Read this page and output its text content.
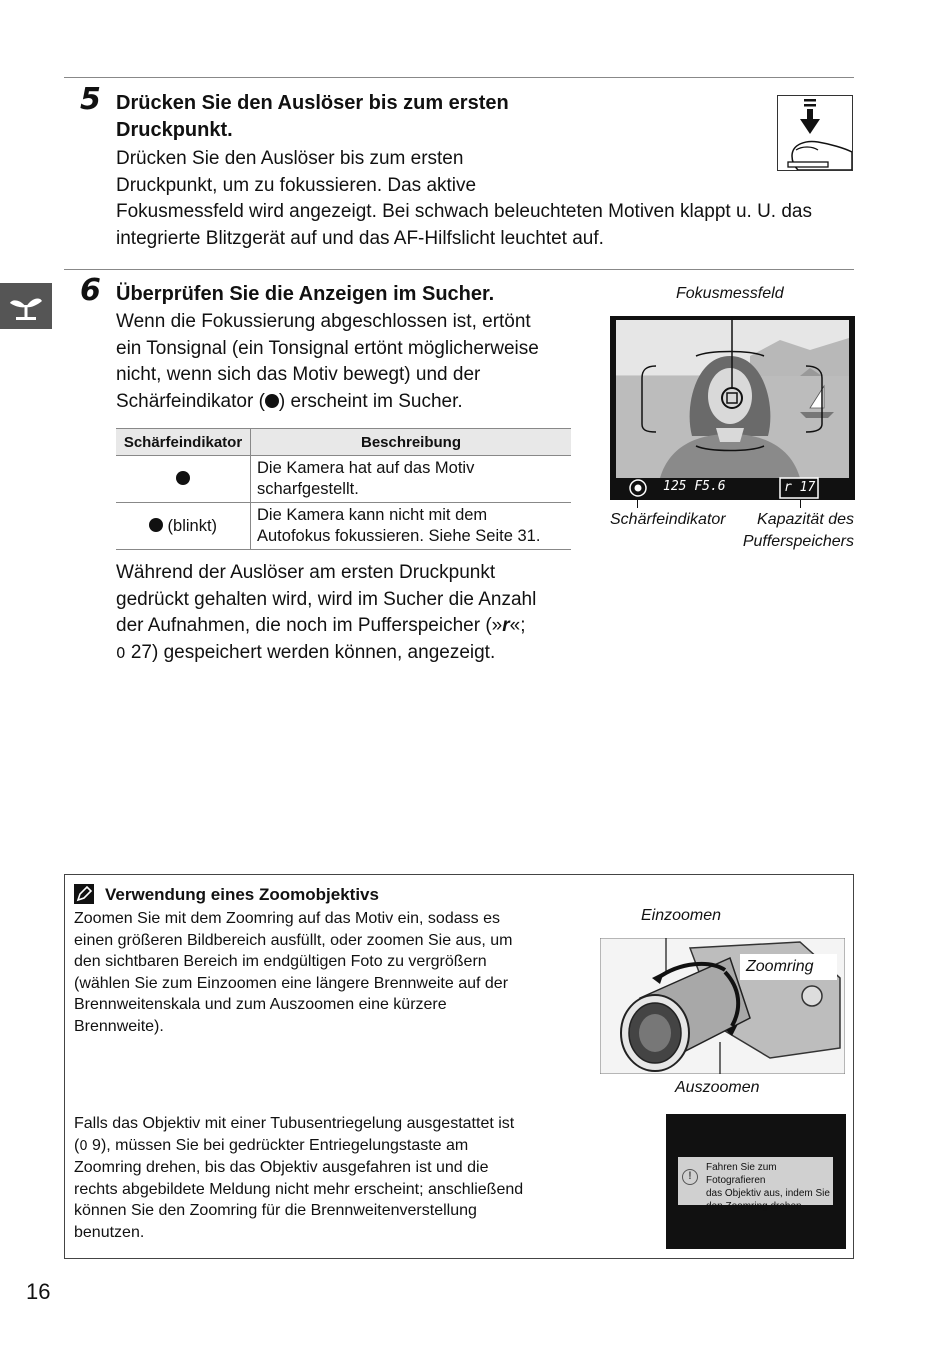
5 Drücken Sie den Auslöser bis zum ersten
Druckpunkt.
Drücken Sie den Auslöser bis zum ersten
Druckpunkt, um zu fokussieren. Das aktive
Fokusmessfeld wird angezeigt. Bei schwach beleuchteten Motiven klappt u. U. das
integrierte Blitzgerät auf und das AF-Hilfslicht leuchtet auf.
6 Überprüfen Sie die Anzeigen im Sucher.
Wenn die Fokussierung abgeschlossen ist, ertönt
ein Tonsignal (ein Tonsignal ertönt möglicherweise
nicht, wenn sich das Motiv bewegt) und der
Schärfeindikator ( ) erscheint im Sucher.
Schärfeindikator	Beschreibung

	Die Kamera hat auf das Motiv
scharfgestellt.

(blinkt)	Die Kamera kann nicht mit dem
Autofokus fokussieren. Siehe Seite 31.
Während der Auslöser am ersten Druckpunkt
gedrückt gehalten wird, wird im Sucher die Anzahl
der Aufnahmen, die noch im Pufferspeicher (»r«;
0 27) gespeichert werden können, angezeigt.
Fokusmessfeld
125 F5.6	r 17
Schärfeindikator	Kapazität des
Pufferspeichers
Verwendung eines Zoomobjektivs
Zoomen Sie mit dem Zoomring auf das Motiv ein, sodass es
einen größeren Bildbereich ausfüllt, oder zoomen Sie aus, um
den sichtbaren Bereich im endgültigen Foto zu vergrößern
(wählen Sie zum Einzoomen eine längere Brennweite auf der
Brennweitenskala und zum Auszoomen eine kürzere
Brennweite).
Einzoomen
Zoomring
Auszoomen
Falls das Objektiv mit einer Tubusentriegelung ausgestattet ist
(0 9), müssen Sie bei gedrückter Entriegelungstaste am
Zoomring drehen, bis das Objektiv ausgefahren ist und die
rechts abgebildete Meldung nicht mehr erscheint; anschließend
können Sie den Zoomring für die Brennweitenverstellung
benutzen.
!
Fahren Sie zum Fotografieren
das Objektiv aus, indem Sie
den Zoomring drehen.
16
